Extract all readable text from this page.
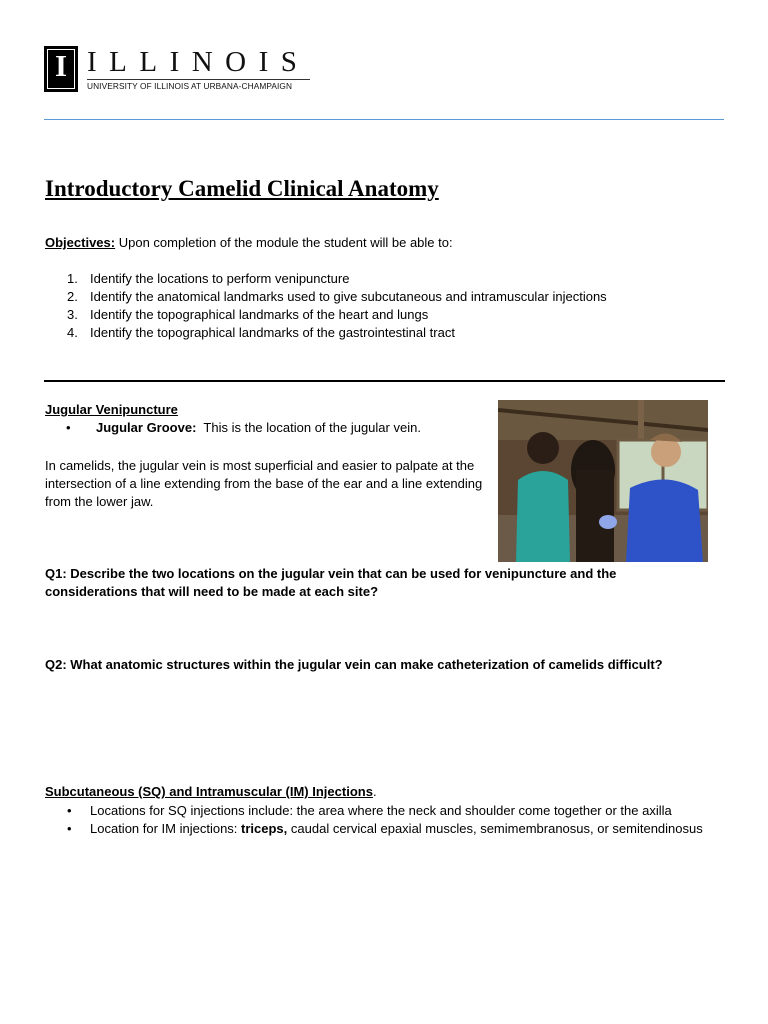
I ILLINOIS
UNIVERSITY OF ILLINOIS AT URBANA-CHAMPAIGN
Introductory Camelid Clinical Anatomy
Objectives: Upon completion of the module the student will be able to:
1. Identify the locations to perform venipuncture
2. Identify the anatomical landmarks used to give subcutaneous and intramuscular injections
3. Identify the topographical landmarks of the heart and lungs
4. Identify the topographical landmarks of the gastrointestinal tract
Jugular Venipuncture
• Jugular Groove: This is the location of the jugular vein.
In camelids, the jugular vein is most superficial and easier to palpate at the intersection of a line extending from the base of the ear and a line extending from the lower jaw.
Q1: Describe the two locations on the jugular vein that can be used for venipuncture and the considerations that will need to be made at each site?
Q2: What anatomic structures within the jugular vein can make catheterization of camelids difficult?
Subcutaneous (SQ) and Intramuscular (IM) Injections.
• Locations for SQ injections include: the area where the neck and shoulder come together or the axilla
• Location for IM injections: triceps, caudal cervical epaxial muscles, semimembranosus, or semitendinosus
